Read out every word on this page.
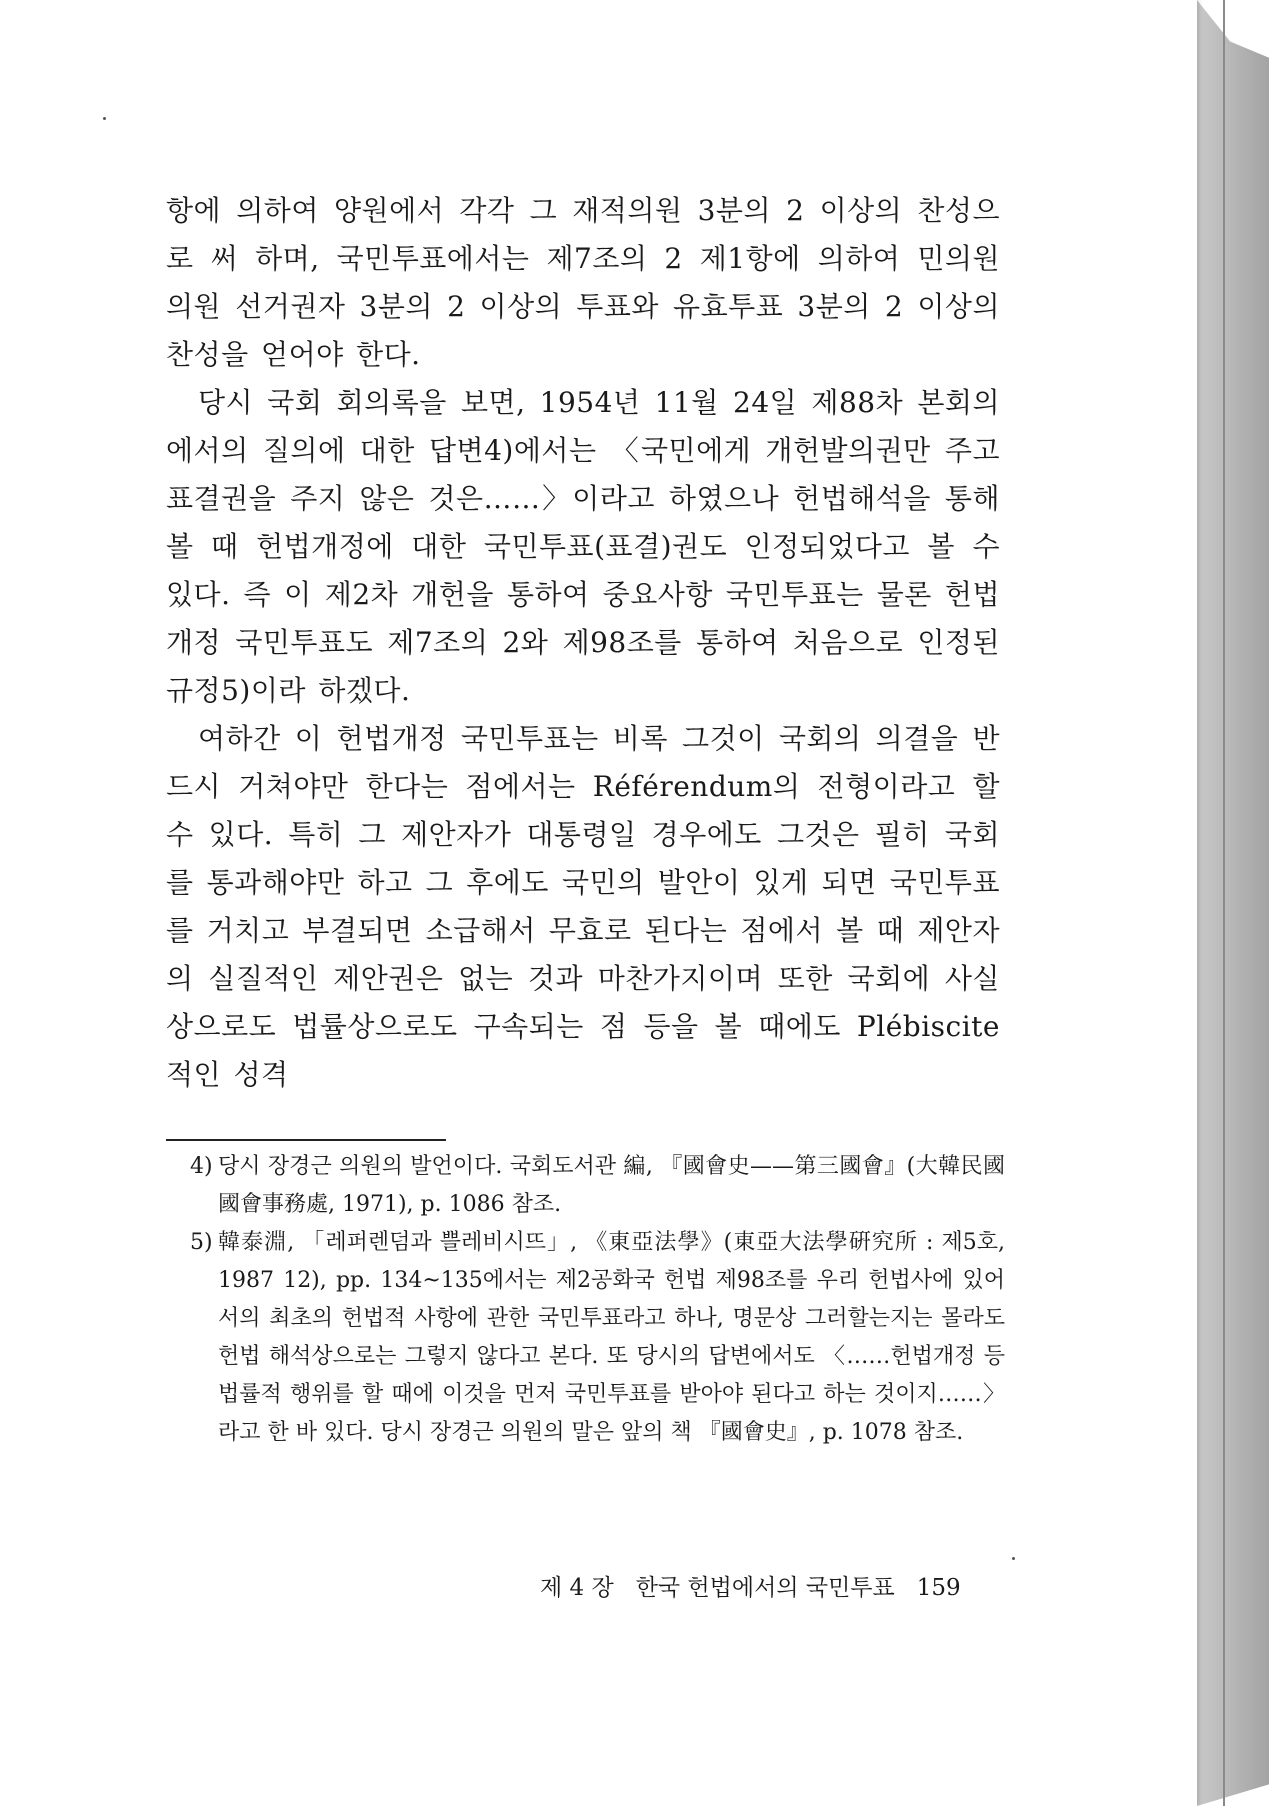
항에 의하여 양원에서 각각 그 재적의원 3분의 2 이상의 찬성으로 써 하며, 국민투표에서는 제7조의 2 제1항에 의하여 민의원 의원 선거권자 3분의 2 이상의 투표와 유효투표 3분의 2 이상의 찬성을 얻어야 한다.

당시 국회 회의록을 보면, 1954년 11월 24일 제88차 본회의에서의 질의에 대한 답변4)에서는 〈국민에게 개헌발의권만 주고 표결권을 주지 않은 것은……〉이라고 하였으나 헌법해석을 통해 볼 때 헌법개정에 대한 국민투표(표결)권도 인정되었다고 볼 수 있다. 즉 이 제2차 개헌을 통하여 중요사항 국민투표는 물론 헌법개정 국민투표도 제7조의 2와 제98조를 통하여 처음으로 인정된 규정5)이라 하겠다.

여하간 이 헌법개정 국민투표는 비록 그것이 국회의 의결을 반드시 거쳐야만 한다는 점에서는 Référendum의 전형이라고 할 수 있다. 특히 그 제안자가 대통령일 경우에도 그것은 필히 국회를 통과해야만 하고 그 후에도 국민의 발안이 있게 되면 국민투표를 거치고 부결되면 소급해서 무효로 된다는 점에서 볼 때 제안자의 실질적인 제안권은 없는 것과 마찬가지이며 또한 국회에 사실상으로도 법률상으로도 구속되는 점 등을 볼 때에도 Plébiscite적인 성격

4) 당시 장경근 의원의 발언이다. 국회도서관 編, 『國會史——第三國會』(大韓民國國會事務處, 1971), p. 1086 참조.

5) 韓泰淵, 「레퍼렌덤과 쁠레비시뜨」, 《東亞法學》(東亞大法學硏究所 : 제5호, 1987 12), pp. 134~135에서는 제2공화국 헌법 제98조를 우리 헌법사에 있어서의 최초의 헌법적 사항에 관한 국민투표라고 하나, 명문상 그러할는지는 몰라도 헌법 해석상으로는 그렇지 않다고 본다. 또 당시의 답변에서도 〈……헌법개정 등 법률적 행위를 할 때에 이것을 먼저 국민투표를 받아야 된다고 하는 것이지……〉라고 한 바 있다. 당시 장경근 의원의 말은 앞의 책 『國會史』, p. 1078 참조.

제 4 장 한국 헌법에서의 국민투표 159
